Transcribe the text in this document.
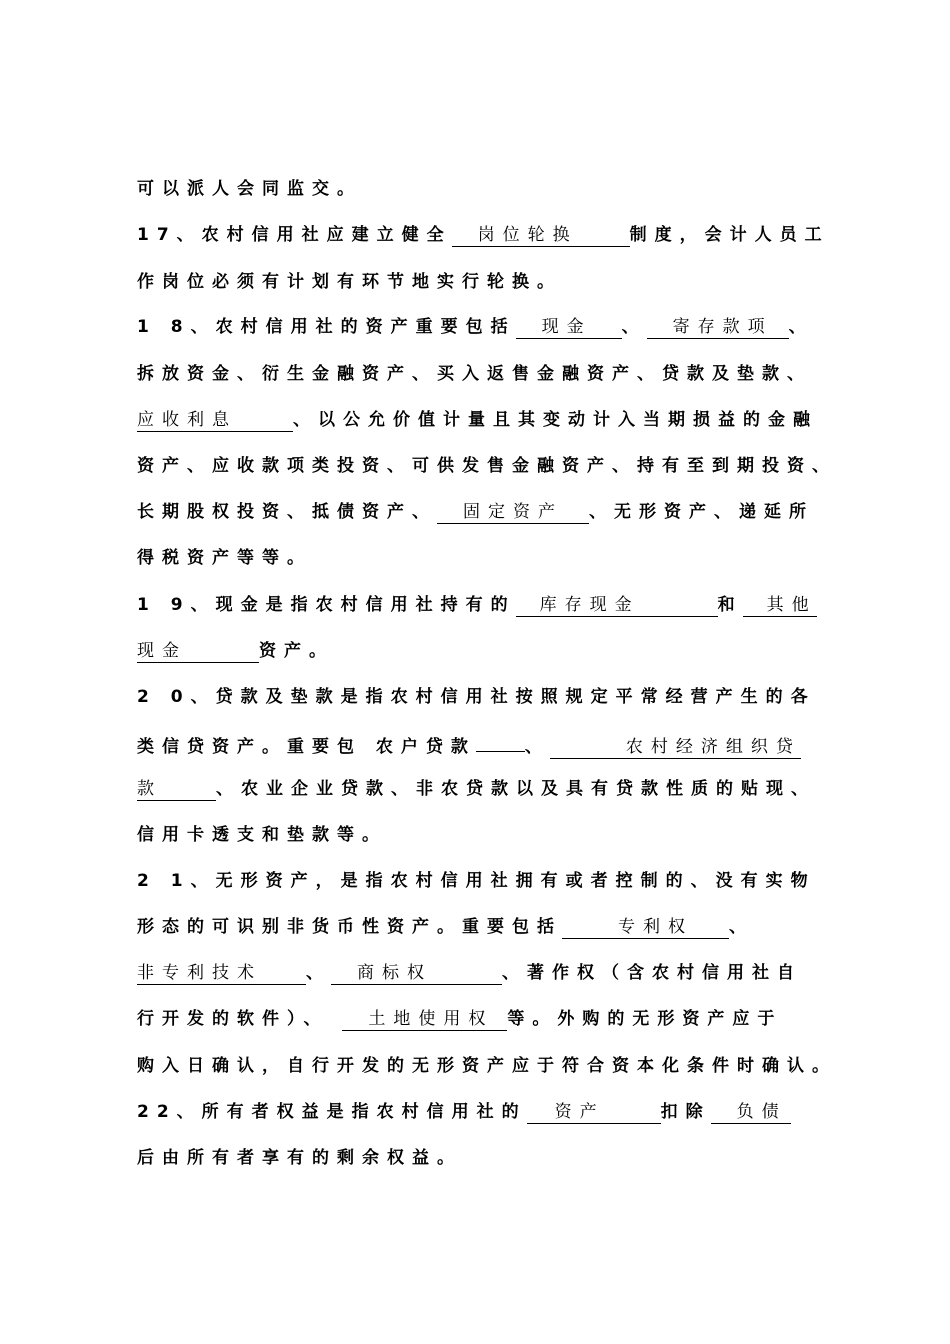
可以派人会同监交。
17、农村信用社应建立健全 岗位轮换	制度，会计人员工
作岗位必须有计划有环节地实行轮换。
1 8、农村信用社的资产重要包括 现金 、 寄存款项 、
拆放资金、衍生金融资产、买入返售金融资产、贷款及垫款、
应收利息	、以公允价值计量且其变动计入当期损益的金融
资产、应收款项类投资、可供发售金融资产、持有至到期投资、
长期股权投资、抵债资产、 固定资产 、无形资产、递延所
得税资产等等。
1 9、现金是指农村信用社持有的 库存现金	和 其他
现金	资产。
2 0、贷款及垫款是指农村信用社按照规定平常经营产生的各
类信贷资产。重要包 农户贷款	、	农村经济组织贷
款	、农业企业贷款、非农贷款以及具有贷款性质的贴现、
信用卡透支和垫款等。
2 1、无形资产，是指农村信用社拥有或者控制的、没有实物
形态的可识别非货币性资产。重要包括	专利权 、
非专利技术	、 商标权	、著作权（含农村信用社自
行开发的软件）、 土地使用权 等。外购的无形资产应于
购入日确认，自行开发的无形资产应于符合资本化条件时确认。
22、所有者权益是指农村信用社的 资产	扣除 负债
后由所有者享有的剩余权益。
